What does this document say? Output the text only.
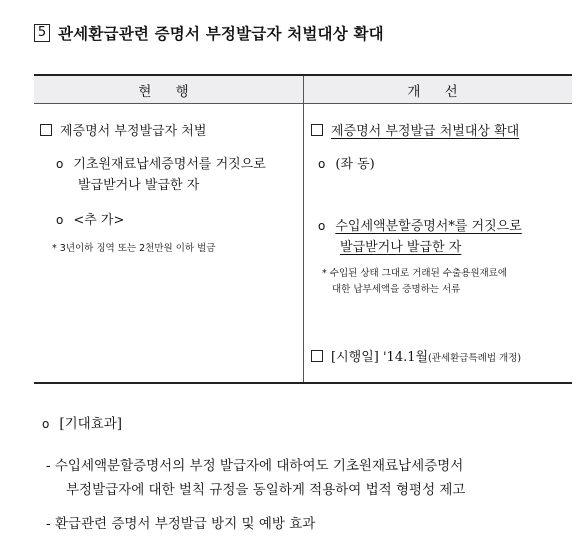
5 관세환급관련 증명서 부정발급자 처벌대상 확대
현 행	개 선
제증명서 부정발급자 처벌
o 기초원재료납세증명서를 거짓으로
발급받거나 발급한 자
o <추 가>
* 3년이하 징역 또는 2천만원 이하 벌금
제증명서 부정발급 처벌대상 확대
o (좌 동)
o 수입세액분할증명서*를 거짓으로
발급받거나 발급한 자
* 수입된 상태 그대로 거래된 수출용원재료에
대한 납부세액을 증명하는 서류
[시행일] '14.1월(관세환급특례법 개정)
o [기대효과]
- 수입세액분할증명서의 부정 발급자에 대하여도 기초원재료납세증명서
부정발급자에 대한 벌칙 규정을 동일하게 적용하여 법적 형평성 제고
- 환급관련 증명서 부정발급 방지 및 예방 효과
